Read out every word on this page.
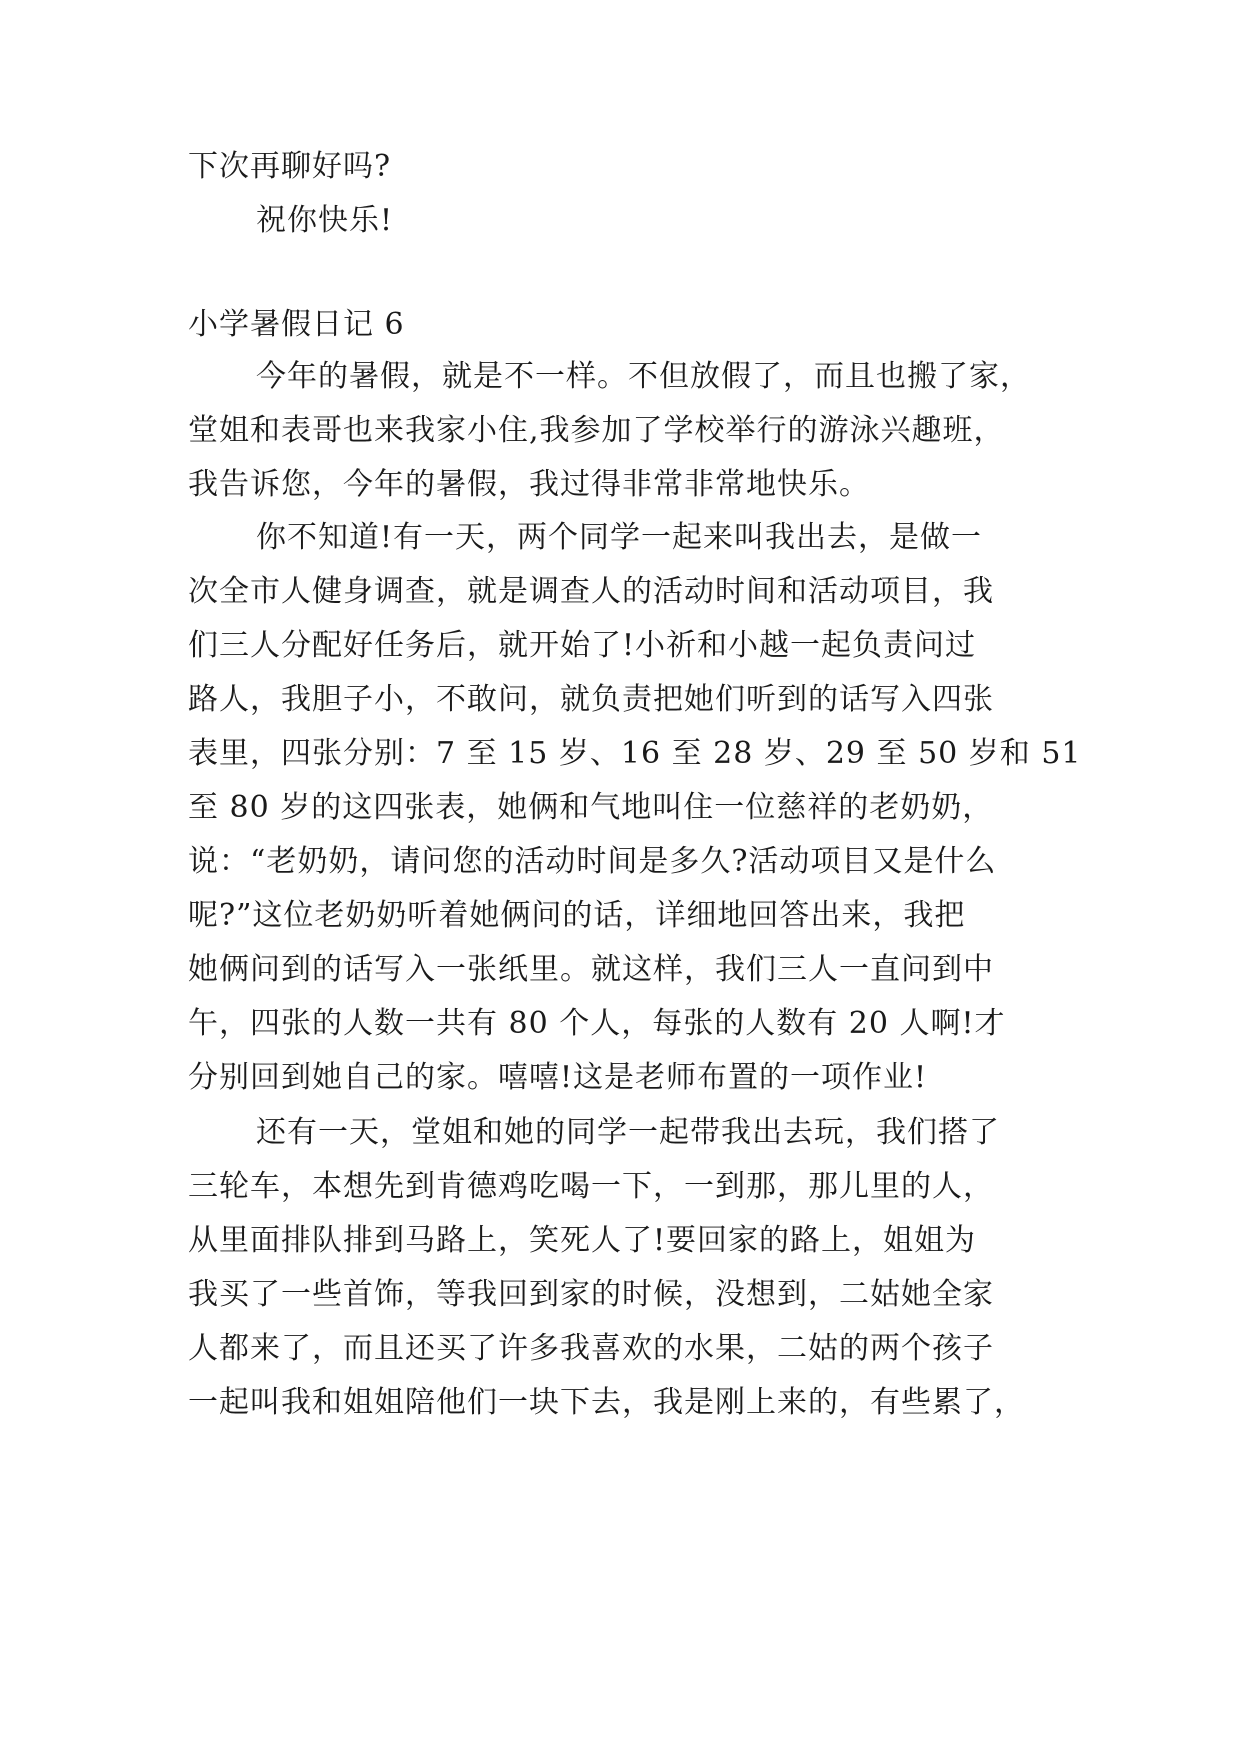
下次再聊好吗?
祝你快乐!
小学暑假日记 6
今年的暑假，就是不一样。不但放假了，而且也搬了家，
堂姐和表哥也来我家小住,我参加了学校举行的游泳兴趣班，
我告诉您，今年的暑假，我过得非常非常地快乐。
你不知道!有一天，两个同学一起来叫我出去，是做一
次全市人健身调查，就是调查人的活动时间和活动项目，我
们三人分配好任务后，就开始了!小祈和小越一起负责问过
路人，我胆子小，不敢问，就负责把她们听到的话写入四张
表里，四张分别：7 至 15 岁、16 至 28 岁、29 至 50 岁和 51
至 80 岁的这四张表，她俩和气地叫住一位慈祥的老奶奶，
说：“老奶奶，请问您的活动时间是多久?活动项目又是什么
呢?”这位老奶奶听着她俩问的话，详细地回答出来，我把
她俩问到的话写入一张纸里。就这样，我们三人一直问到中
午，四张的人数一共有 80 个人，每张的人数有 20 人啊!才
分别回到她自己的家。嘻嘻!这是老师布置的一项作业!
还有一天，堂姐和她的同学一起带我出去玩，我们搭了
三轮车，本想先到肯德鸡吃喝一下，一到那，那儿里的人，
从里面排队排到马路上，笑死人了!要回家的路上，姐姐为
我买了一些首饰，等我回到家的时候，没想到，二姑她全家
人都来了，而且还买了许多我喜欢的水果，二姑的两个孩子
一起叫我和姐姐陪他们一块下去，我是刚上来的，有些累了，
